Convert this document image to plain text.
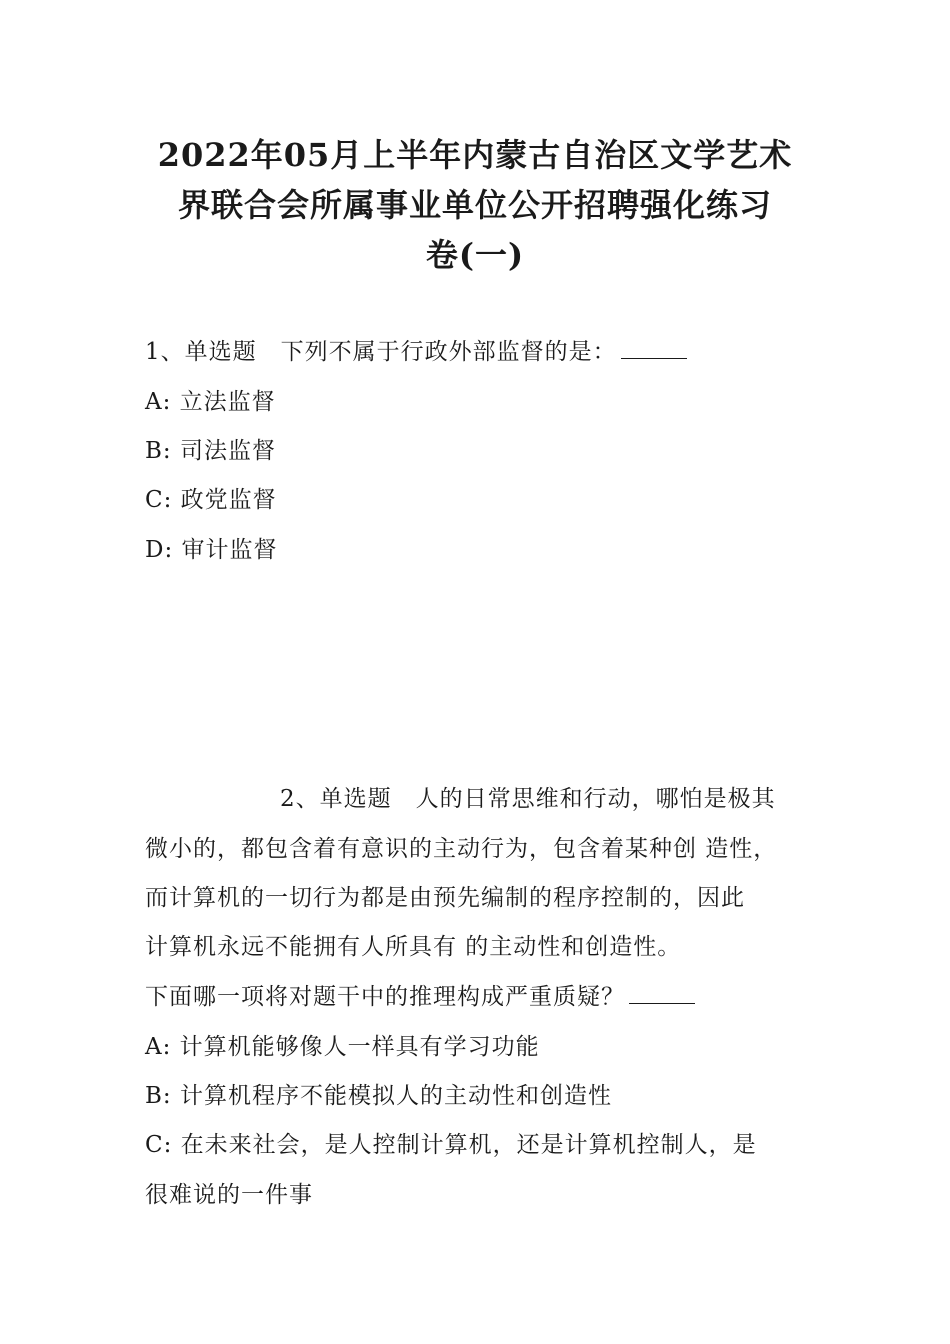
2022年05月上半年内蒙古自治区文学艺术
界联合会所属事业单位公开招聘强化练习
卷(一)
1、单选题　下列不属于行政外部监督的是：
A: 立法监督
B: 司法监督
C: 政党监督
D: 审计监督
2、单选题　人的日常思维和行动，哪怕是极其
微小的，都包含着有意识的主动行为，包含着某种创 造性，
而计算机的一切行为都是由预先编制的程序控制的，因此
计算机永远不能拥有人所具有 的主动性和创造性。
下面哪一项将对题干中的推理构成严重质疑？
A: 计算机能够像人一样具有学习功能
B: 计算机程序不能模拟人的主动性和创造性
C: 在未来社会，是人控制计算机，还是计算机控制人，是
很难说的一件事
